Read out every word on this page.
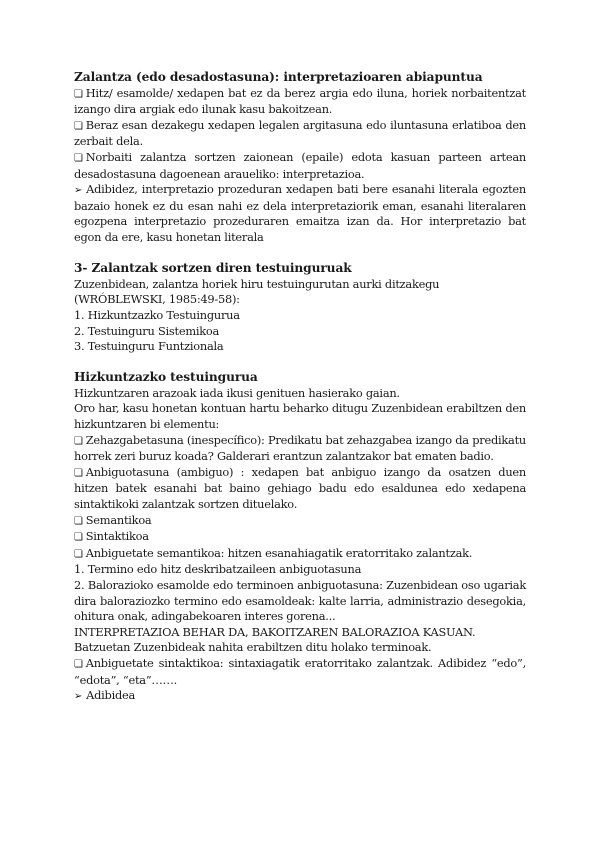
Zalantza (edo desadostasuna): interpretazioaren abiapuntua

❏ Hitz/ esamolde/ xedapen bat ez da berez argia edo iluna, horiek norbaitentzat izango dira argiak edo ilunak kasu bakoitzean.

❏ Beraz esan dezakegu xedapen legalen argitasuna edo iluntasuna erlatiboa den zerbait dela.

❏ Norbaiti zalantza sortzen zaionean (epaile) edota kasuan parteen artean desadostasuna dagoenean araueliko: interpretazioa.

➢ Adibidez, interpretazio prozeduran xedapen bati bere esanahi literala egozten bazaio honek ez du esan nahi ez dela interpretaziorik eman, esanahi literalaren egozpena interpretazio prozeduraren emaitza izan da. Hor interpretazio bat egon da ere, kasu honetan literala

3- Zalantzak sortzen diren testuinguruak

Zuzenbidean, zalantza horiek hiru testuingurutan aurki ditzakegu (WRÓBLEWSKI, 1985:49-58):

1. Hizkuntzazko Testuingurua

2. Testuinguru Sistemikoa

3. Testuinguru Funtzionala

Hizkuntzazko testuingurua

Hizkuntzaren arazoak iada ikusi genituen hasierako gaian.

Oro har, kasu honetan kontuan hartu beharko ditugu Zuzenbidean erabiltzen den hizkuntzaren bi elementu:

❏ Zehazgabetasuna (inespecífico): Predikatu bat zehazgabea izango da predikatu horrek zeri buruz koada? Galderari erantzun zalantzakor bat ematen badio.

❏ Anbiguotasuna (ambiguo) : xedapen bat anbiguo izango da osatzen duen hitzen batek esanahi bat baino gehiago badu edo esaldunea edo xedapena sintaktikoki zalantzak sortzen dituelako.

❏ Semantikoa

❏ Sintaktikoa

❏ Anbiguetate semantikoa: hitzen esanahiagatik eratorritako zalantzak.

1. Termino edo hitz deskribatzaileen anbiguotasuna

2. Balorazioko esamolde edo terminoen anbiguotasuna: Zuzenbidean oso ugariak dira baloraziozko termino edo esamoldeak: kalte larria, administrazio desegokia, ohitura onak, adingabekoaren interes gorena...

INTERPRETAZIOA BEHAR DA, BAKOITZAREN BALORAZIOA KASUAN.

Batzuetan Zuzenbideak nahita erabiltzen ditu holako terminoak.

❏ Anbiguetate sintaktikoa: sintaxiagatik eratorritako zalantzak. Adibidez “edo”, “edota”, “eta”…….

➢ Adibidea
